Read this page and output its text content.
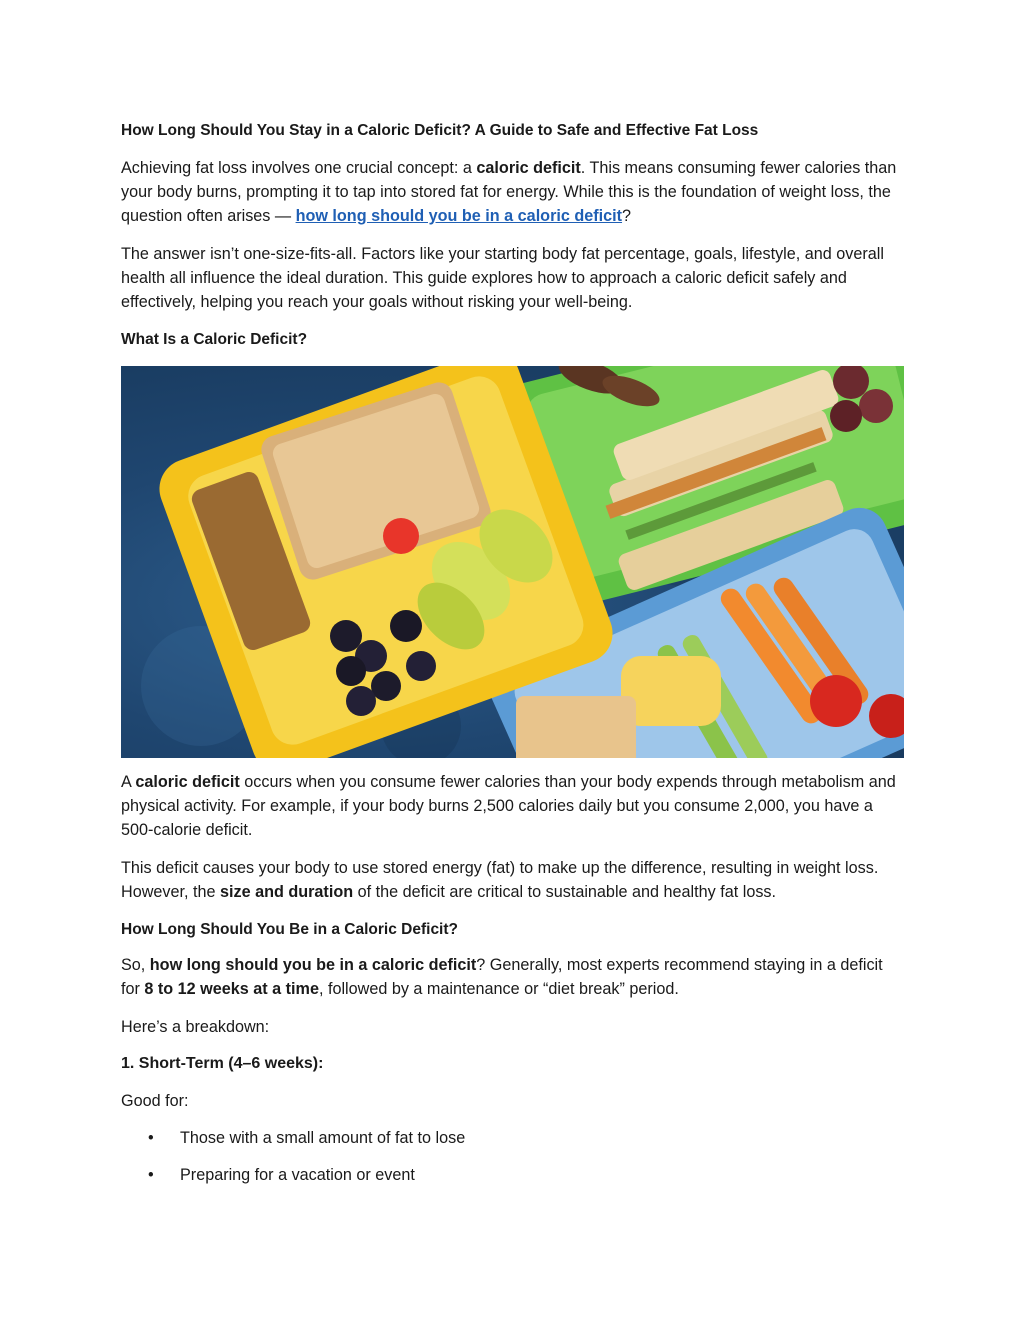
How Long Should You Stay in a Caloric Deficit? A Guide to Safe and Effective Fat Loss

Achieving fat loss involves one crucial concept: a caloric deficit. This means consuming fewer calories than your body burns, prompting it to tap into stored fat for energy. While this is the foundation of weight loss, the question often arises — how long should you be in a caloric deficit?

The answer isn’t one-size-fits-all. Factors like your starting body fat percentage, goals, lifestyle, and overall health all influence the ideal duration. This guide explores how to approach a caloric deficit safely and effectively, helping you reach your goals without risking your well-being.

What Is a Caloric Deficit?

A caloric deficit occurs when you consume fewer calories than your body expends through metabolism and physical activity. For example, if your body burns 2,500 calories daily but you consume 2,000, you have a 500-calorie deficit.

This deficit causes your body to use stored energy (fat) to make up the difference, resulting in weight loss. However, the size and duration of the deficit are critical to sustainable and healthy fat loss.

How Long Should You Be in a Caloric Deficit?

So, how long should you be in a caloric deficit? Generally, most experts recommend staying in a deficit for 8 to 12 weeks at a time, followed by a maintenance or “diet break” period.

Here’s a breakdown:

1. Short-Term (4–6 weeks):

Good for:

• Those with a small amount of fat to lose
• Preparing for a vacation or event
